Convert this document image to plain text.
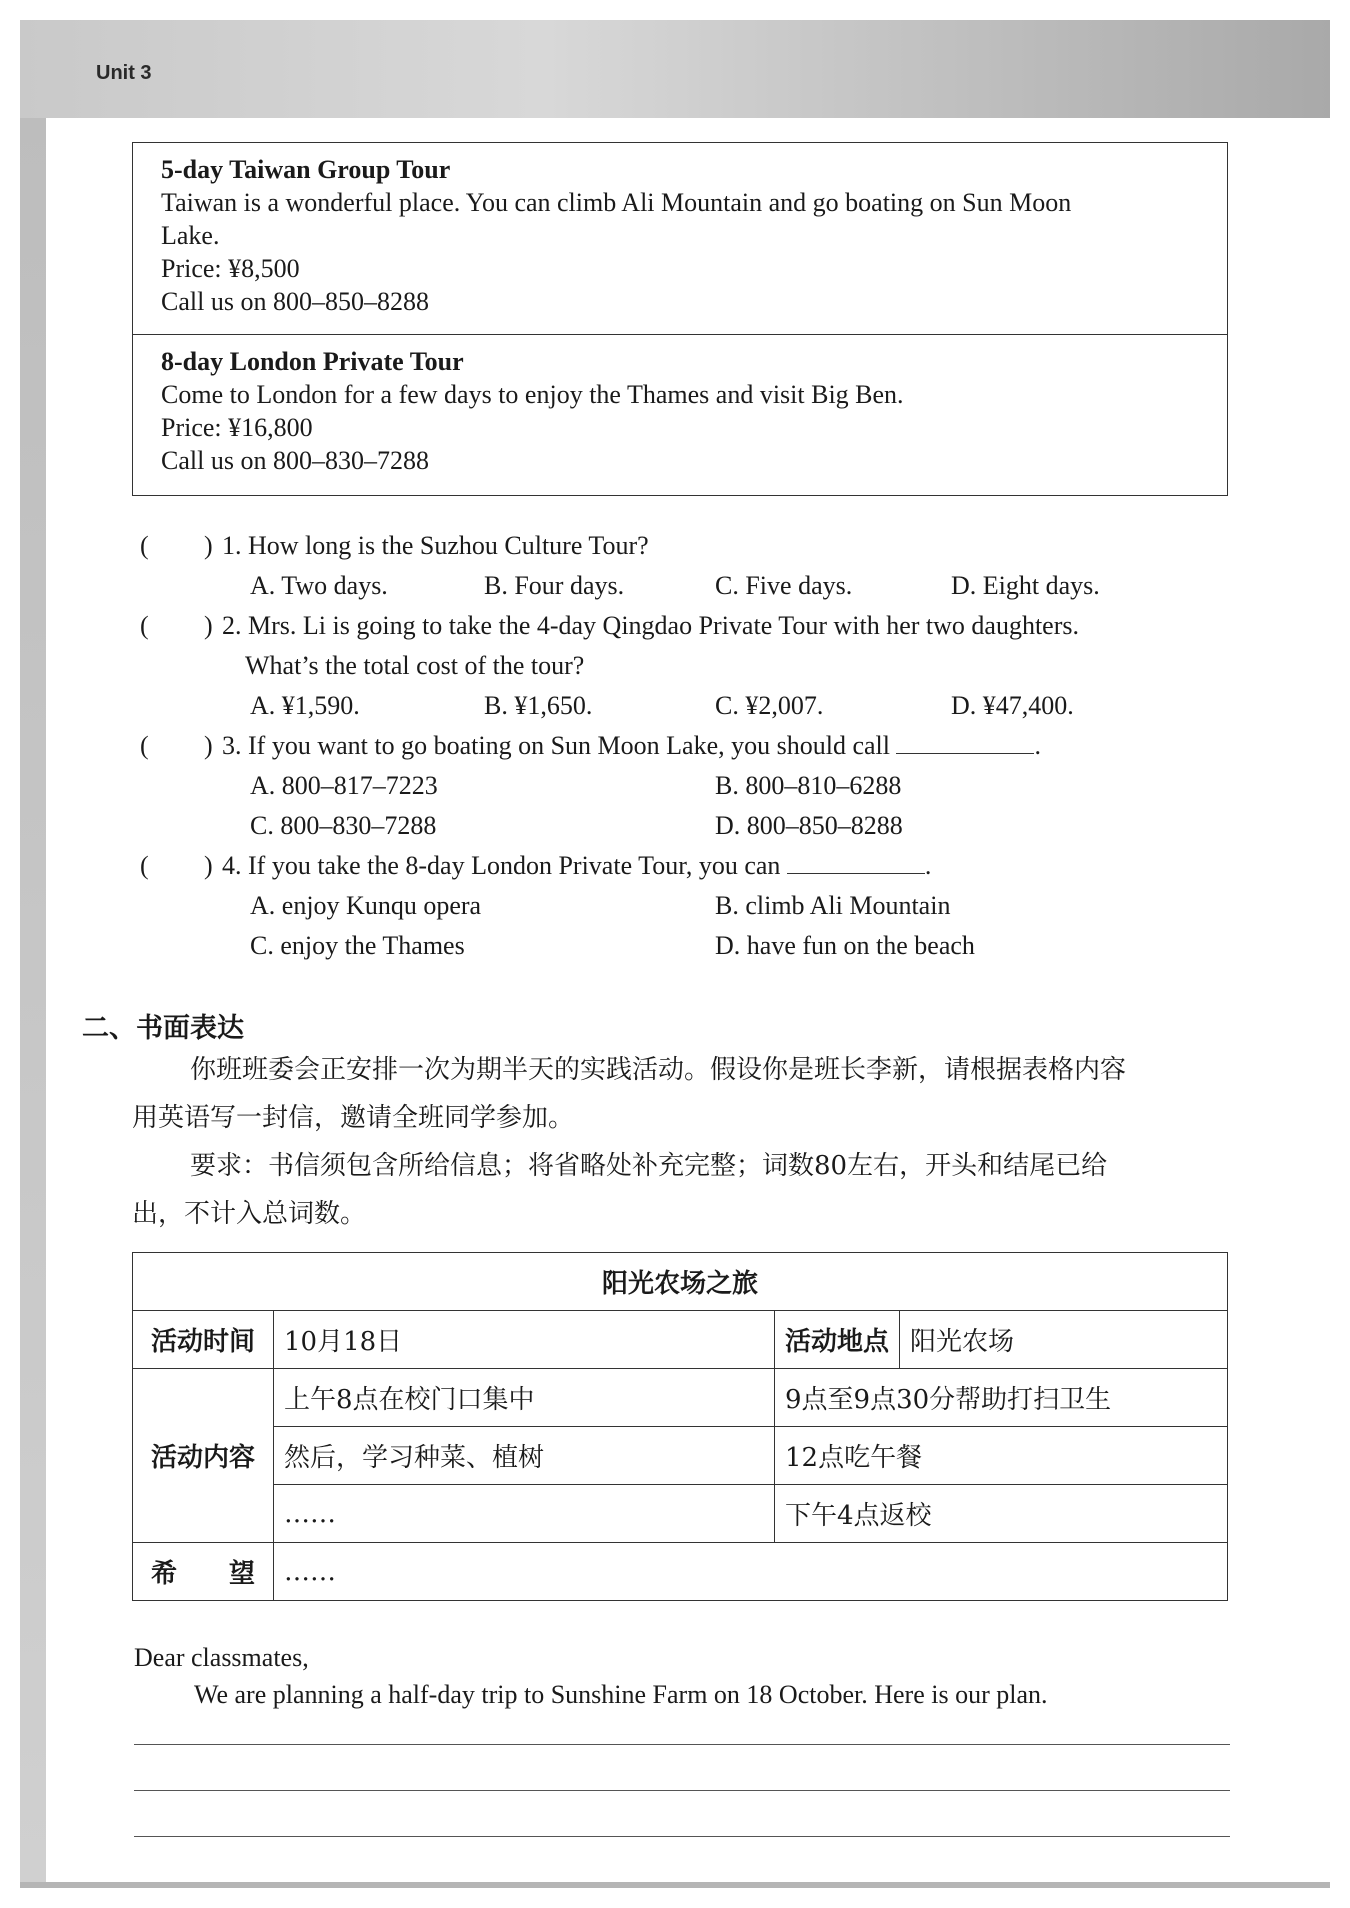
Unit 3
5-day Taiwan Group Tour
Taiwan is a wonderful place. You can climb Ali Mountain and go boating on Sun Moon
Lake.
Price: ¥8,500
Call us on 800–850–8288
8-day London Private Tour
Come to London for a few days to enjoy the Thames and visit Big Ben.
Price: ¥16,800
Call us on 800–830–7288
( ) 1. How long is the Suzhou Culture Tour?
A. Two days.	B. Four days.	C. Five days.	D. Eight days.
( ) 2. Mrs. Li is going to take the 4-day Qingdao Private Tour with her two daughters.
What’s the total cost of the tour?
A. ¥1,590.	B. ¥1,650.	C. ¥2,007.	D. ¥47,400.
( ) 3. If you want to go boating on Sun Moon Lake, you should call	.
A. 800–817–7223	B. 800–810–6288
C. 800–830–7288	D. 800–850–8288
( ) 4. If you take the 8-day London Private Tour, you can	.
A. enjoy Kunqu opera	B. climb Ali Mountain
C. enjoy the Thames	D. have fun on the beach
二、书面表达
你班班委会正安排一次为期半天的实践活动。假设你是班长李新，请根据表格内容
用英语写一封信，邀请全班同学参加。
要求：书信须包含所给信息；将省略处补充完整；词数80左右，开头和结尾已给
出，不计入总词数。
阳光农场之旅			
活动时间	10月18日	活动地点	阳光农场
活动内容	上午8点在校门口集中	9点至9点30分帮助打扫卫生	
	然后，学习种菜、植树	12点吃午餐	
	……	下午4点返校	
希　　望	……		
Dear classmates,
We are planning a half-day trip to Sunshine Farm on 18 October. Here is our plan.
